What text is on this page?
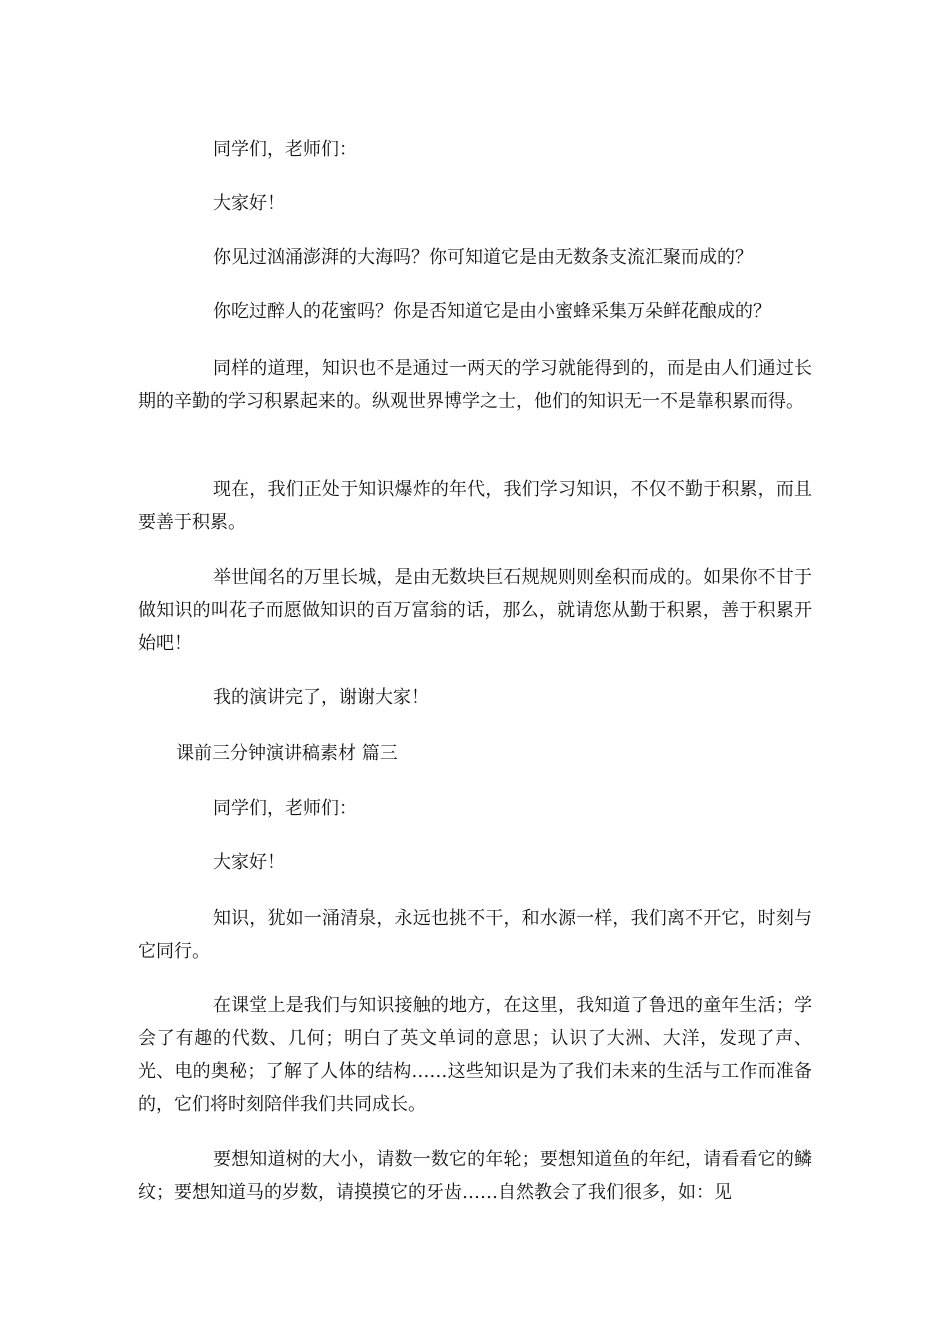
同学们，老师们：

大家好！

你见过汹涌澎湃的大海吗？你可知道它是由无数条支流汇聚而成的？

你吃过醉人的花蜜吗？你是否知道它是由小蜜蜂采集万朵鲜花酿成的？

同样的道理，知识也不是通过一两天的学习就能得到的，而是由人们通过长期的辛勤的学习积累起来的。纵观世界博学之士，他们的知识无一不是靠积累而得。

现在，我们正处于知识爆炸的年代，我们学习知识，不仅不勤于积累，而且要善于积累。

举世闻名的万里长城，是由无数块巨石规规则则垒积而成的。如果你不甘于做知识的叫花子而愿做知识的百万富翁的话，那么，就请您从勤于积累，善于积累开始吧！

我的演讲完了，谢谢大家！

课前三分钟演讲稿素材 篇三

同学们，老师们：

大家好！

知识，犹如一涌清泉，永远也挑不干，和水源一样，我们离不开它，时刻与它同行。

在课堂上是我们与知识接触的地方，在这里，我知道了鲁迅的童年生活；学会了有趣的代数、几何；明白了英文单词的意思；认识了大洲、大洋，发现了声、光、电的奥秘；了解了人体的结构……这些知识是为了我们未来的生活与工作而准备的，它们将时刻陪伴我们共同成长。

要想知道树的大小，请数一数它的年轮；要想知道鱼的年纪，请看看它的鳞纹；要想知道马的岁数，请摸摸它的牙齿……自然教会了我们很多，如：见
